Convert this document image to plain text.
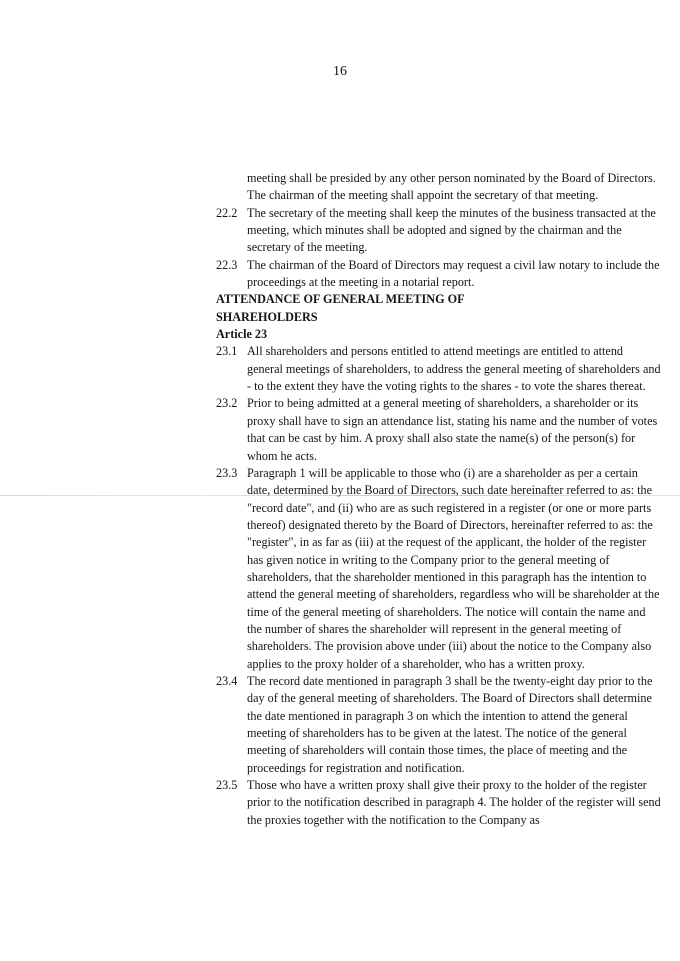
16

meeting shall be presided by any other person nominated by the Board of Directors. The chairman of the meeting shall appoint the secretary of that meeting.

22.2 The secretary of the meeting shall keep the minutes of the business transacted at the meeting, which minutes shall be adopted and signed by the chairman and the secretary of the meeting.
22.3 The chairman of the Board of Directors may request a civil law notary to include the proceedings at the meeting in a notarial report.
ATTENDANCE OF GENERAL MEETING OF
SHAREHOLDERS
Article 23
23.1 All shareholders and persons entitled to attend meetings are entitled to attend general meetings of shareholders, to address the general meeting of shareholders and - to the extent they have the voting rights to the shares - to vote the shares thereat.
23.2 Prior to being admitted at a general meeting of shareholders, a shareholder or its proxy shall have to sign an attendance list, stating his name and the number of votes that can be cast by him. A proxy shall also state the name(s) of the person(s) for whom he acts.
23.3 Paragraph 1 will be applicable to those who (i) are a shareholder as per a certain date, determined by the Board of Directors, such date hereinafter referred to as: the "record date", and (ii) who are as such registered in a register (or one or more parts thereof) designated thereto by the Board of Directors, hereinafter referred to as: the "register", in as far as (iii) at the request of the applicant, the holder of the register has given notice in writing to the Company prior to the general meeting of shareholders, that the shareholder mentioned in this paragraph has the intention to attend the general meeting of shareholders, regardless who will be shareholder at the time of the general meeting of shareholders. The notice will contain the name and the number of shares the shareholder will represent in the general meeting of shareholders. The provision above under (iii) about the notice to the Company also applies to the proxy holder of a shareholder, who has a written proxy.
23.4 The record date mentioned in paragraph 3 shall be the twenty-eight day prior to the day of the general meeting of shareholders. The Board of Directors shall determine the date mentioned in paragraph 3 on which the intention to attend the general meeting of shareholders has to be given at the latest. The notice of the general meeting of shareholders will contain those times, the place of meeting and the proceedings for registration and notification.
23.5 Those who have a written proxy shall give their proxy to the holder of the register prior to the notification described in paragraph 4. The holder of the register will send the proxies together with the notification to the Company as
